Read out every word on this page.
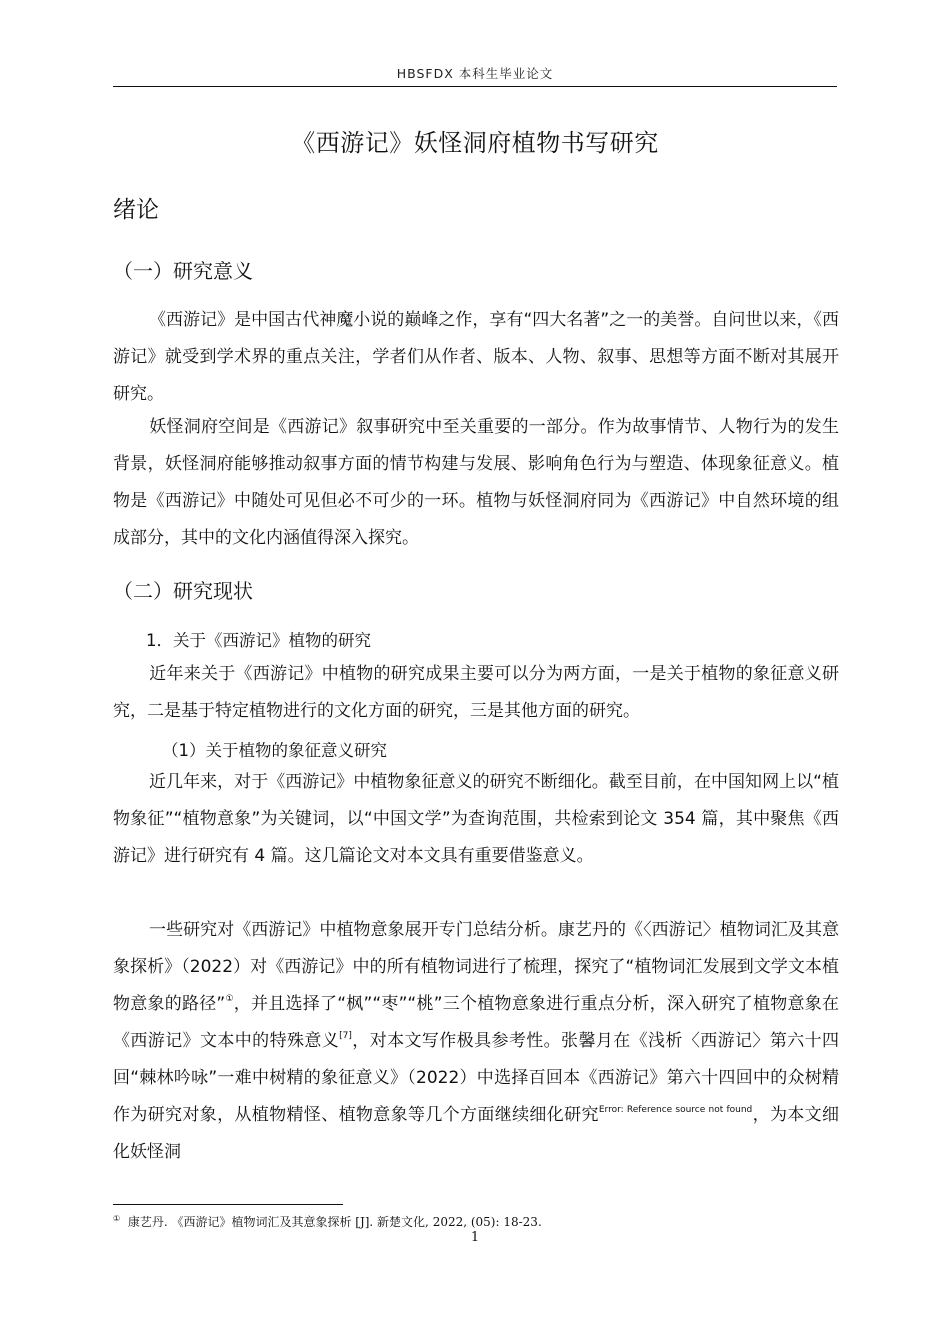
HBSFDX 本科生毕业论文
《西游记》妖怪洞府植物书写研究
绪论
（一）研究意义
《西游记》是中国古代神魔小说的巅峰之作，享有“四大名著”之一的美誉。自问世以来，《西游记》就受到学术界的重点关注，学者们从作者、版本、人物、叙事、思想等方面不断对其展开研究。
妖怪洞府空间是《西游记》叙事研究中至关重要的一部分。作为故事情节、人物行为的发生背景，妖怪洞府能够推动叙事方面的情节构建与发展、影响角色行为与塑造、体现象征意义。植物是《西游记》中随处可见但必不可少的一环。植物与妖怪洞府同为《西游记》中自然环境的组成部分，其中的文化内涵值得深入探究。
（二）研究现状
1．关于《西游记》植物的研究
近年来关于《西游记》中植物的研究成果主要可以分为两方面，一是关于植物的象征意义研究，二是基于特定植物进行的文化方面的研究，三是其他方面的研究。
（1）关于植物的象征意义研究
近几年来，对于《西游记》中植物象征意义的研究不断细化。截至目前，在中国知网上以“植物象征”“植物意象”为关键词，以“中国文学”为查询范围，共检索到论文 354 篇，其中聚焦《西游记》进行研究有 4 篇。这几篇论文对本文具有重要借鉴意义。
一些研究对《西游记》中植物意象展开专门总结分析。康艺丹的《〈西游记〉植物词汇及其意象探析》（2022）对《西游记》中的所有植物词进行了梳理，探究了“植物词汇发展到文学文本植物意象的路径”①，并且选择了“枫”“枣”“桃”三个植物意象进行重点分析，深入研究了植物意象在《西游记》文本中的特殊意义[7]，对本文写作极具参考性。张馨月在《浅析〈西游记〉第六十四回“棘林吟咏”一难中树精的象征意义》（2022）中选择百回本《西游记》第六十四回中的众树精作为研究对象，从植物精怪、植物意象等几个方面继续细化研究$^{Error: Reference source not found}$，为本文细化妖怪洞
① 康艺丹. 《西游记》植物词汇及其意象探析 [J]. 新楚文化, 2022, (05): 18-23.
1
